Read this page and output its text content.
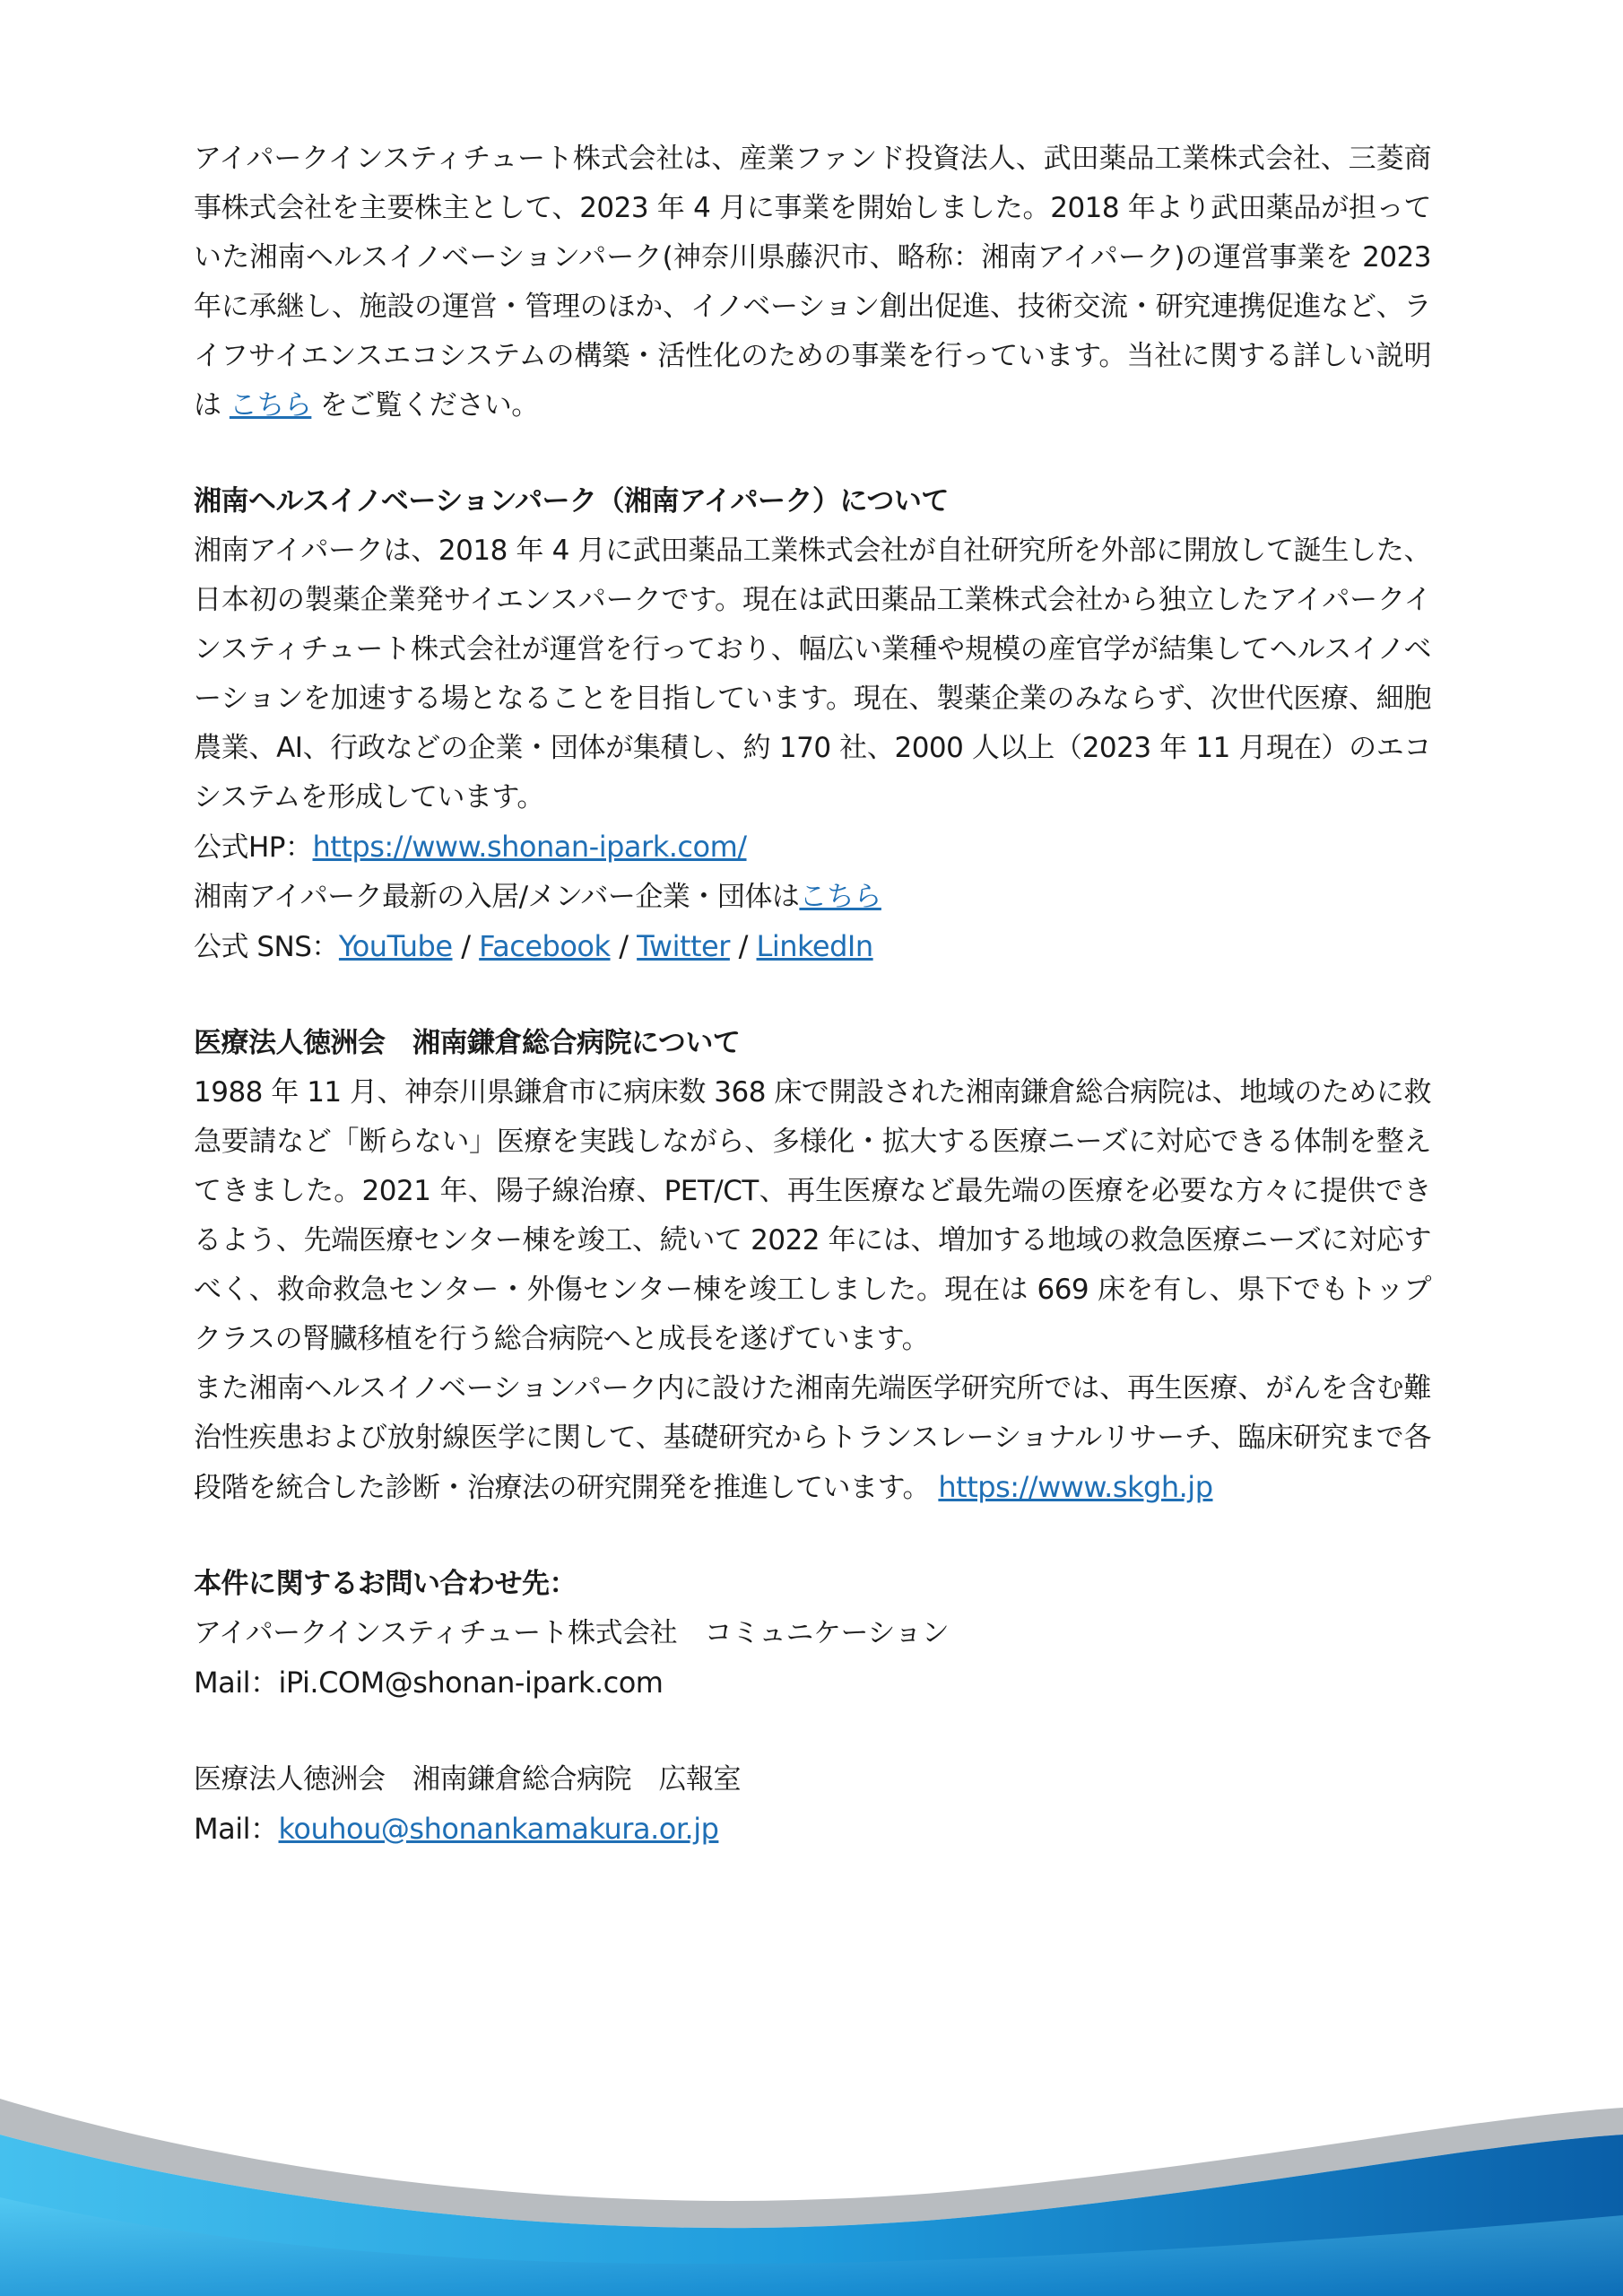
アイパークインスティチュート株式会社は、産業ファンド投資法人、武田薬品工業株式会社、三菱商事株式会社を主要株主として、2023 年 4 月に事業を開始しました。2018 年より武田薬品が担っていた湘南ヘルスイノベーションパーク(神奈川県藤沢市、略称：湘南アイパーク)の運営事業を 2023 年に承継し、施設の運営・管理のほか、イノベーション創出促進、技術交流・研究連携促進など、ライフサイエンスエコシステムの構築・活性化のための事業を行っています。当社に関する詳しい説明は こちら をご覧ください。

湘南ヘルスイノベーションパーク（湘南アイパーク）について

湘南アイパークは、2018 年 4 月に武田薬品工業株式会社が自社研究所を外部に開放して誕生した、日本初の製薬企業発サイエンスパークです。現在は武田薬品工業株式会社から独立したアイパークインスティチュート株式会社が運営を行っており、幅広い業種や規模の産官学が結集してヘルスイノベーションを加速する場となることを目指しています。現在、製薬企業のみならず、次世代医療、細胞農業、AI、行政などの企業・団体が集積し、約 170 社、2000 人以上（2023 年 11 月現在）のエコシステムを形成しています。

公式HP：https://www.shonan-ipark.com/
湘南アイパーク最新の入居/メンバー企業・団体はこちら
公式 SNS：YouTube / Facebook / Twitter / LinkedIn

医療法人徳洲会　湘南鎌倉総合病院について

1988 年 11 月、神奈川県鎌倉市に病床数 368 床で開設された湘南鎌倉総合病院は、地域のために救急要請など「断らない」医療を実践しながら、多様化・拡大する医療ニーズに対応できる体制を整えてきました。2021 年、陽子線治療、PET/CT、再生医療など最先端の医療を必要な方々に提供できるよう、先端医療センター棟を竣工、続いて 2022 年には、増加する地域の救急医療ニーズに対応すべく、救命救急センター・外傷センター棟を竣工しました。現在は 669 床を有し、県下でもトップクラスの腎臓移植を行う総合病院へと成長を遂げています。

また湘南ヘルスイノベーションパーク内に設けた湘南先端医学研究所では、再生医療、がんを含む難治性疾患および放射線医学に関して、基礎研究からトランスレーショナルリサーチ、臨床研究まで各段階を統合した診断・治療法の研究開発を推進しています。 https://www.skgh.jp

本件に関するお問い合わせ先：

アイパークインスティチュート株式会社　コミュニケーション
Mail：iPi.COM@shonan-ipark.com
医療法人徳洲会　湘南鎌倉総合病院　広報室
Mail：kouhou@shonankamakura.or.jp
